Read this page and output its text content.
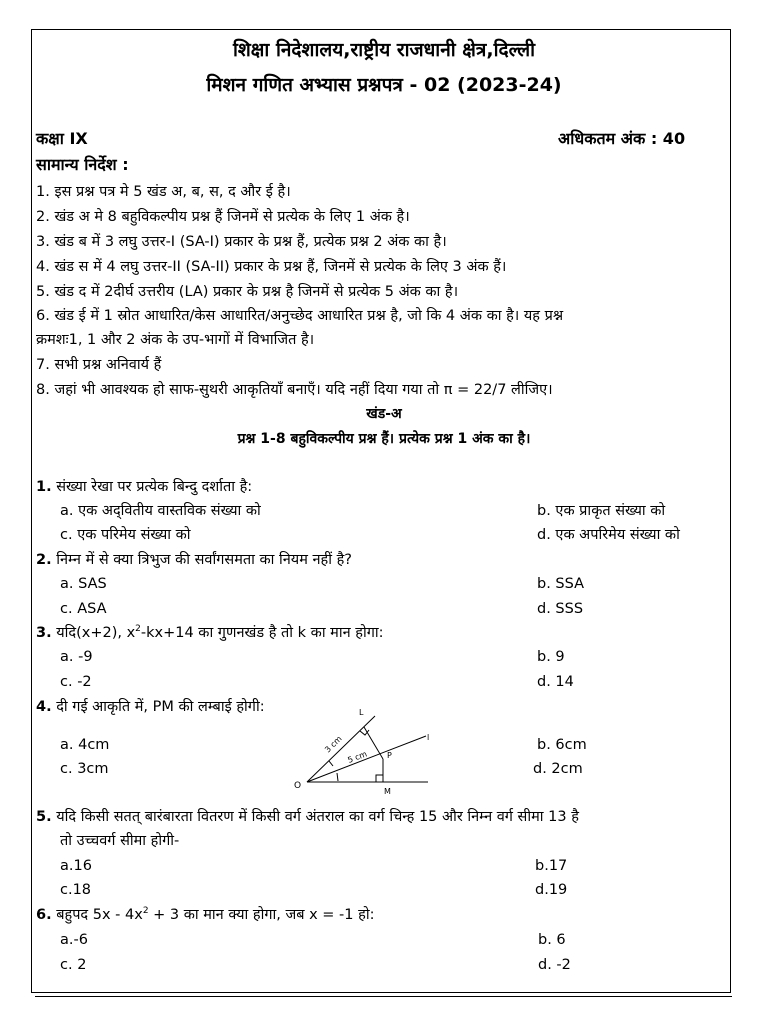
शिक्षा निदेशालय,राष्ट्रीय राजधानी क्षेत्र,दिल्ली
मिशन गणित अभ्यास प्रश्नपत्र - 02 (2023-24)
कक्षा IX	अधिकतम अंक : 40
सामान्य निर्देश :
1. इस प्रश्न पत्र मे 5 खंड अ, ब, स, द और ई है।
2. खंड अ मे 8 बहुविकल्पीय प्रश्न हैं जिनमें से प्रत्येक के लिए 1 अंक है।
3. खंड ब में 3 लघु उत्तर-I (SA-I) प्रकार के प्रश्न हैं, प्रत्येक प्रश्न 2 अंक का है।
4. खंड स में 4 लघु उत्तर-II (SA-II) प्रकार के प्रश्न हैं, जिनमें से प्रत्येक के लिए 3 अंक हैं।
5. खंड द में 2दीर्घ उत्तरीय (LA) प्रकार के प्रश्न है जिनमें से प्रत्येक 5 अंक का है।
6. खंड ई में 1 स्रोत आधारित/केस आधारित/अनुच्छेद आधारित प्रश्न है, जो कि 4 अंक का है। यह प्रश्न
क्रमशः1, 1 और 2 अंक के उप-भागों में विभाजित है।
7. सभी प्रश्न अनिवार्य हैं
8. जहां भी आवश्यक हो साफ-सुथरी आकृतियाँ बनाएँ। यदि नहीं दिया गया तो π = 22/7 लीजिए।
खंड-अ
प्रश्न 1-8 बहुविकल्पीय प्रश्न हैं। प्रत्येक प्रश्न 1 अंक का है।
1. संख्या रेखा पर प्रत्येक बिन्दु दर्शाता है:
a. एक अद्‌वितीय वास्तविक संख्या को	b. एक प्राकृत संख्या को
c. एक परिमेय संख्या को	d. एक अपरिमेय संख्या को
2. निम्न में से क्या त्रिभुज की सर्वांगसमता का नियम नहीं है?
a. SAS	b. SSA
c. ASA	d. SSS
3. यदि(x+2), $x^2-kx+14$ का गुणनखंड है तो k का मान होगा:
a. -9	b. 9
c. -2	d. 14
4. दी गई आकृति में, PM की लम्बाई होगी:
a. 4cm	b. 6cm
c. 3cm	d. 2cm
O
L
l
P
M
3 cm
5 cm
5. यदि किसी सतत् बारंबारता वितरण में किसी वर्ग अंतराल का वर्ग चिन्ह 15 और निम्न वर्ग सीमा 13 है
तो उच्चवर्ग सीमा होगी-
a.16	b.17
c.18	d.19
6. बहुपद $5x - 4x^2 + 3$ का मान क्या होगा, जब x = -1 हो:
a.-6	b. 6
c. 2	d. -2
